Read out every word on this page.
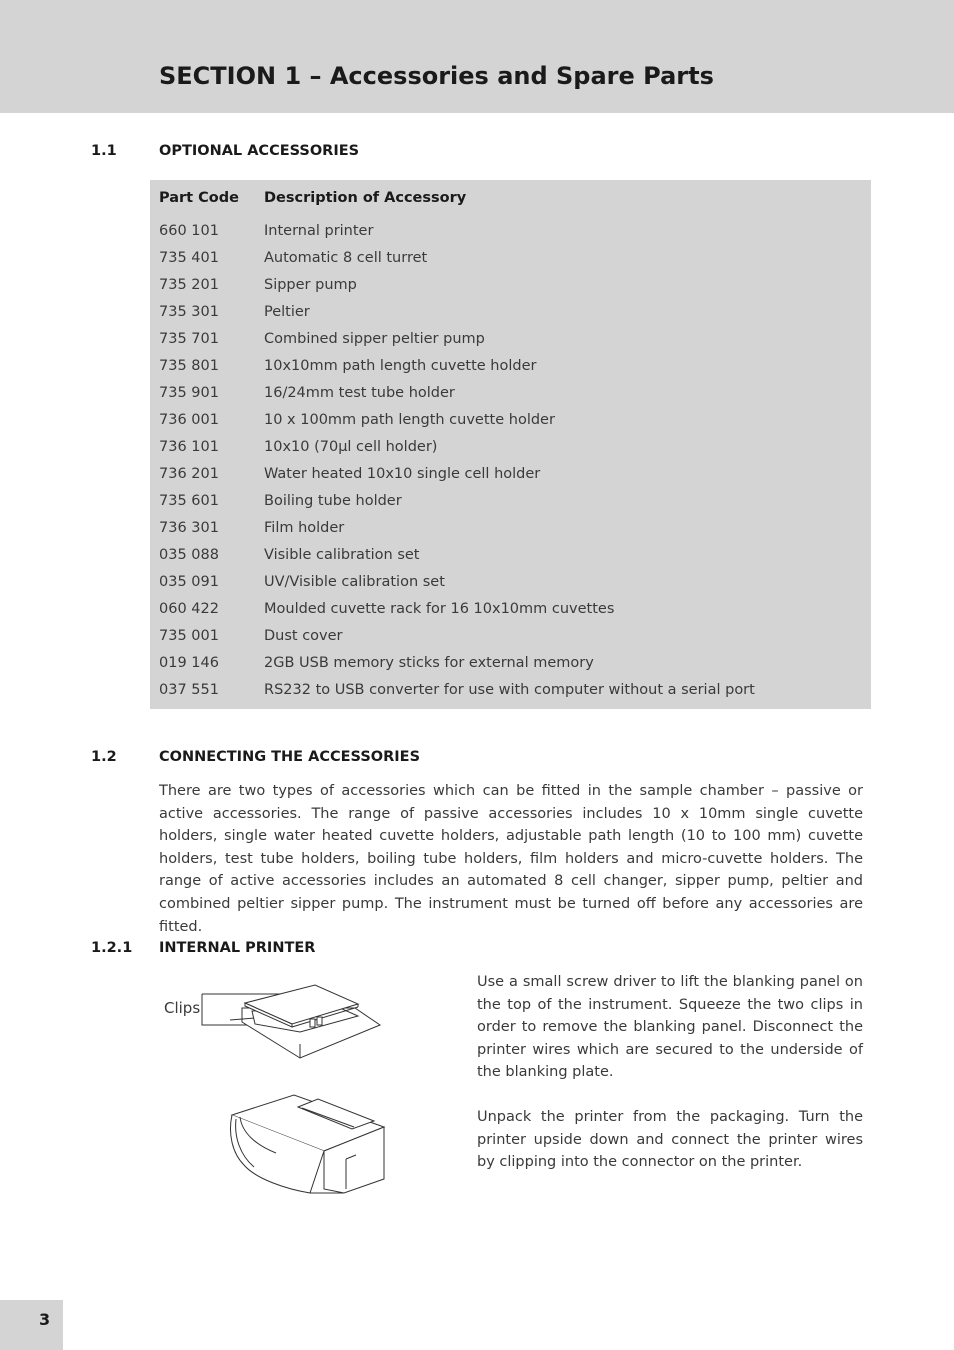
SECTION 1 – Accessories and Spare Parts
1.1	OPTIONAL ACCESSORIES
Part Code Description of Accessory
660 101	Internal printer
735 401	Automatic 8 cell turret
735 201	Sipper pump
735 301	Peltier
735 701	Combined sipper peltier pump
735 801	10x10mm path length cuvette holder
735 901	16/24mm test tube holder
736 001	10 x 100mm path length cuvette holder
736 101	10x10 (70µl cell holder)
736 201	Water heated 10x10 single cell holder
735 601	Boiling tube holder
736 301	Film holder
035 088	Visible calibration set
035 091	UV/Visible calibration set
060 422	Moulded cuvette rack for 16 10x10mm cuvettes
735 001	Dust cover
019 146	2GB USB memory sticks for external memory
037 551	RS232 to USB converter for use with computer without a serial port
1.2	CONNECTING THE ACCESSORIES

There are two types of accessories which can be fitted in the sample chamber – passive or active accessories. The range of passive accessories includes 10 x 10mm single cuvette holders, single water heated cuvette holders, adjustable path length (10 to 100 mm) cuvette holders, test tube holders, boiling tube holders, film holders and micro-cuvette holders. The range of active accessories includes an automated 8 cell changer, sipper pump, peltier and combined peltier sipper pump. The instrument must be turned off before any accessories are fitted.

1.2.1 INTERNAL PRINTER
Clips

Use a small screw driver to lift the blanking panel on the top of the instrument. Squeeze the two clips in order to remove the blanking panel. Disconnect the printer wires which are secured to the underside of the blanking plate.

Unpack the printer from the packaging. Turn the printer upside down and connect the printer wires by clipping into the connector on the printer.

3
